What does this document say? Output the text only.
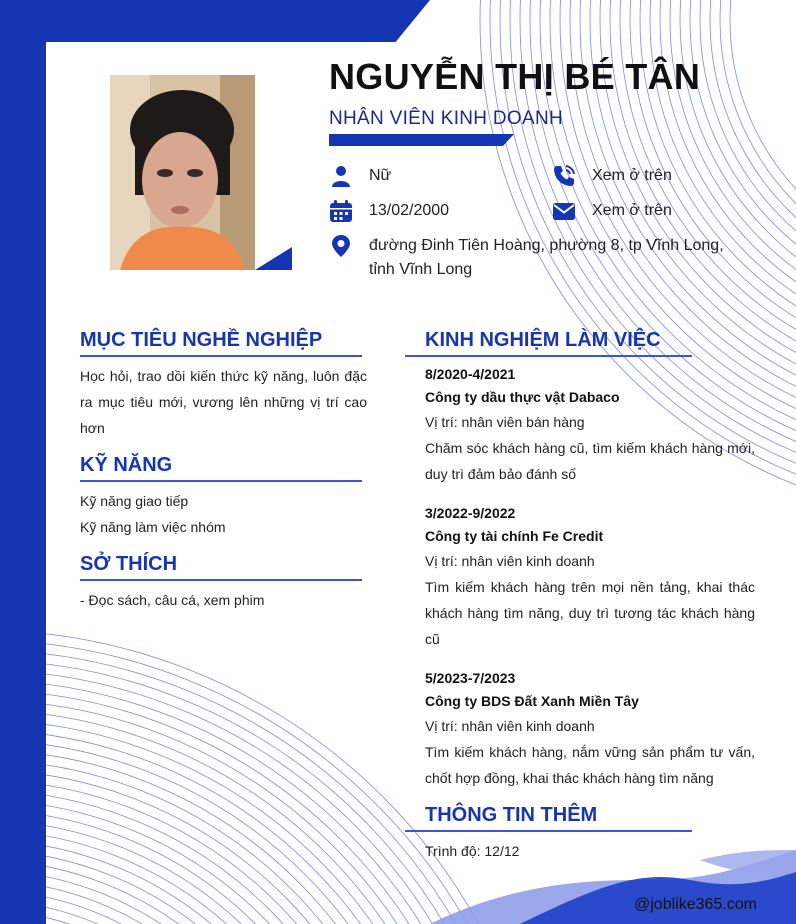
NGUYỄN THỊ BÉ TÂN
NHÂN VIÊN KINH DOANH
Nữ
13/02/2000
Xem ở trên
Xem ở trên
đường Đinh Tiên Hoàng, phường 8, tp Vĩnh Long, tỉnh Vĩnh Long
MỤC TIÊU NGHỀ NGHIỆP
Học hỏi, trao dồi kiến thức kỹ năng, luôn đặc ra mục tiêu mới, vương lên những vị trí cao hơn
KỸ NĂNG
Kỹ năng giao tiếp
Kỹ năng làm việc nhóm
SỞ THÍCH
- Đọc sách, câu cá, xem phim
KINH NGHIỆM LÀM VIỆC
8/2020-4/2021
Công ty dầu thực vật Dabaco
Vị trí: nhân viên bán hàng
Chăm sóc khách hàng cũ, tìm kiếm khách hàng mới, duy trì đảm bảo đánh số
3/2022-9/2022
Công ty tài chính Fe Credit
Vị trí: nhân viên kinh doanh
Tìm kiếm khách hàng trên mọi nền tảng, khai thác khách hàng tìm năng, duy trì tương tác khách hàng cũ
5/2023-7/2023
Công ty BDS Đất Xanh Miền Tây
Vị trí: nhân viên kinh doanh
Tìm kiếm khách hàng, nắm vững sản phẩm tư vấn, chốt hợp đồng, khai thác khách hàng tìm năng
THÔNG TIN THÊM
Trình độ: 12/12
@joblike365.com
